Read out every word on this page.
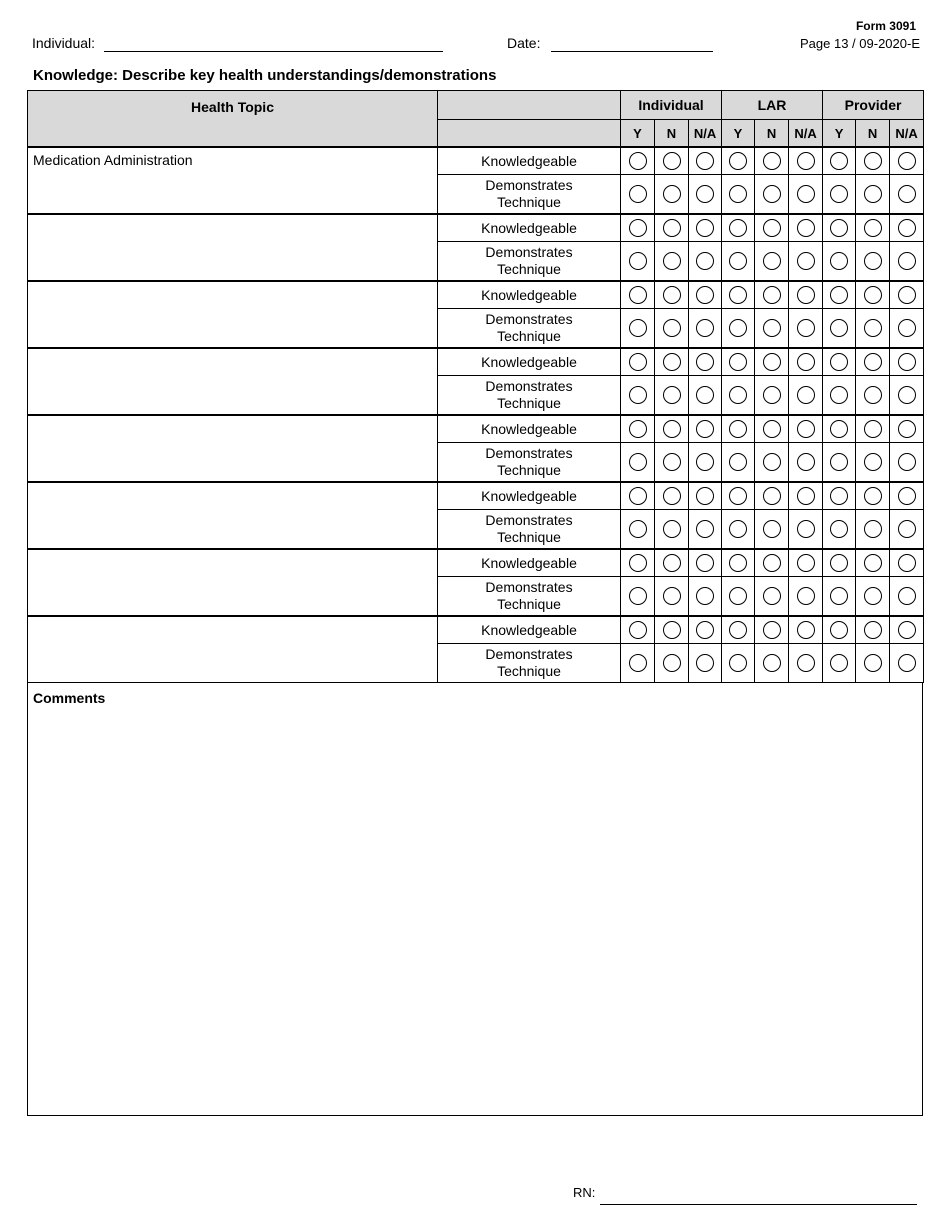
Individual:	Date:
Form 3091
Page 13 / 09-2020-E
Knowledge: Describe key health understandings/demonstrations
Health Topic		Individual			LAR			Provider		
		Y	N	N/A	Y	N	N/A	Y	N	N/A
Medication Administration	Knowledgeable									
	Demonstrates Technique									
	Knowledgeable									
	Demonstrates Technique									
	Knowledgeable									
	Demonstrates Technique									
	Knowledgeable									
	Demonstrates Technique									
	Knowledgeable									
	Demonstrates Technique									
	Knowledgeable									
	Demonstrates Technique									
	Knowledgeable									
	Demonstrates Technique									
	Knowledgeable									
	Demonstrates Technique									
Comments
RN:
